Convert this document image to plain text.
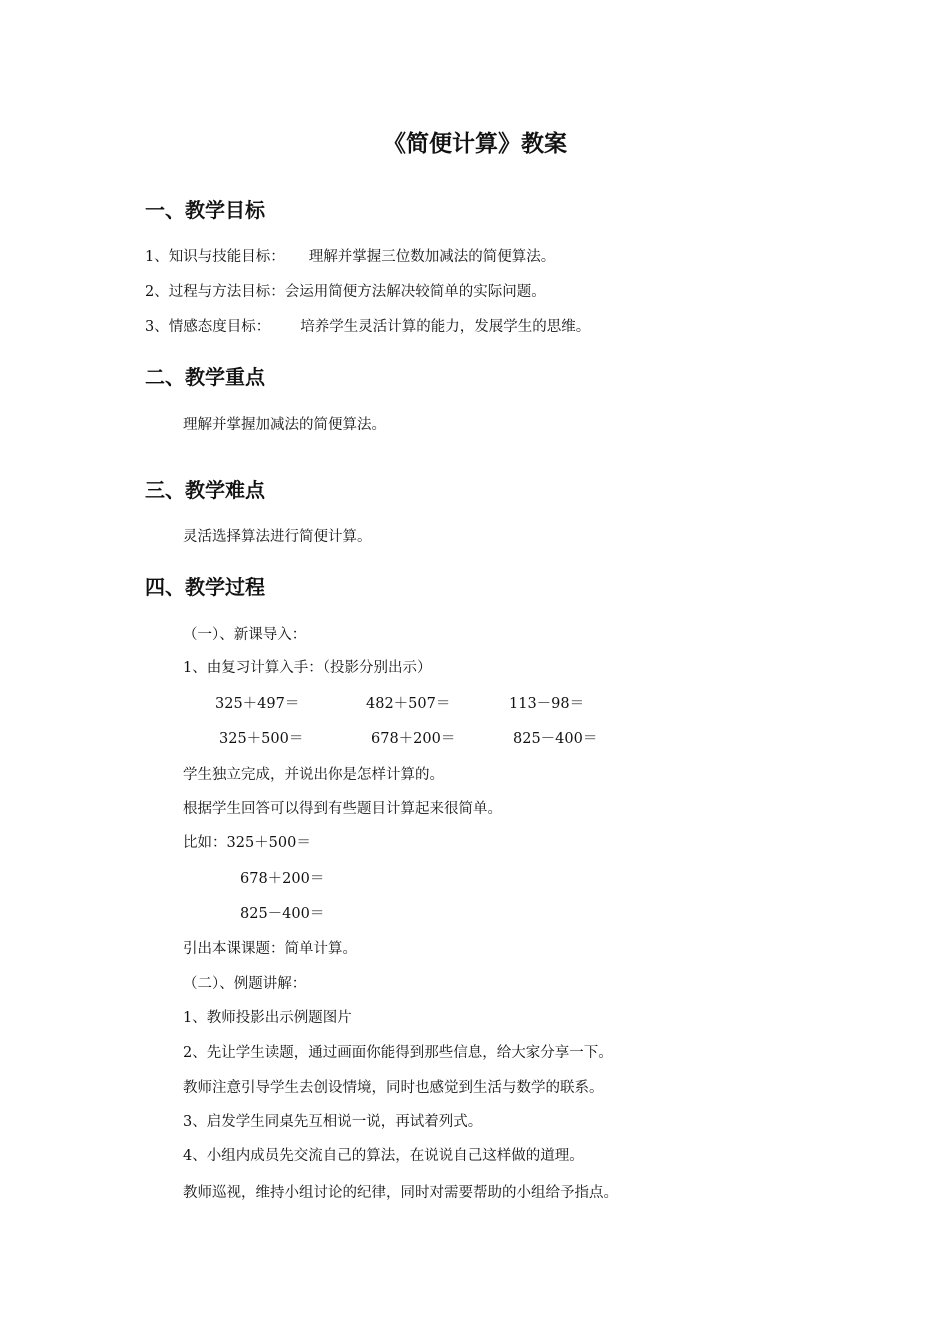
《简便计算》教案
一、教学目标
1、知识与技能目标： 理解并掌握三位数加减法的简便算法。
2、过程与方法目标：会运用简便方法解决较简单的实际问题。
3、情感态度目标： 培养学生灵活计算的能力，发展学生的思维。
二、教学重点
理解并掌握加减法的简便算法。
三、教学难点
灵活选择算法进行简便计算。
四、教学过程
（一）、新课导入：
1、由复习计算入手：（投影分别出示）
325＋497＝	482＋507＝	113－98＝
325＋500＝	678＋200＝	825－400＝
学生独立完成，并说出你是怎样计算的。
根据学生回答可以得到有些题目计算起来很简单。
比如：325＋500＝
678＋200＝
825－400＝
引出本课课题：简单计算。
（二）、例题讲解：
1、教师投影出示例题图片
2、先让学生读题，通过画面你能得到那些信息，给大家分享一下。
教师注意引导学生去创设情境，同时也感觉到生活与数学的联系。
3、启发学生同桌先互相说一说，再试着列式。
4、小组内成员先交流自己的算法，在说说自己这样做的道理。
教师巡视，维持小组讨论的纪律，同时对需要帮助的小组给予指点。
